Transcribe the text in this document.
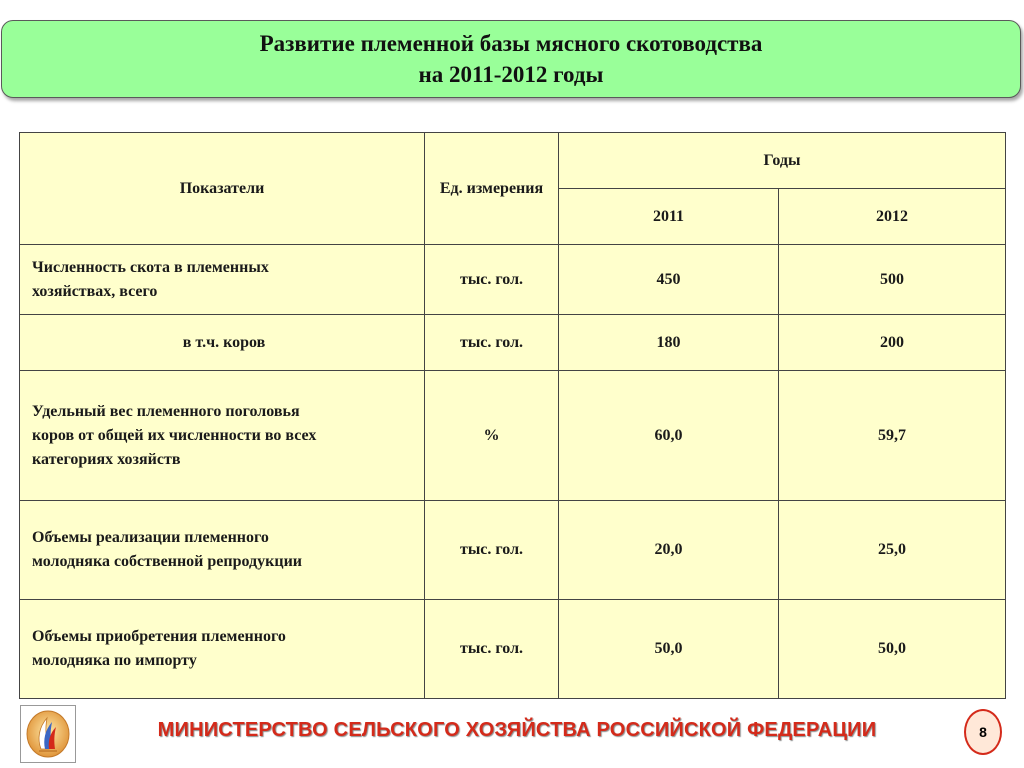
Развитие племенной базы мясного скотоводства
на 2011-2012 годы
Показатели	Ед. измерения	Годы	
		2011	2012
Численность скота в племенных хозяйствах, всего	тыс. гол.	450	500
в т.ч. коров	тыс. гол.	180	200
Удельный вес племенного поголовья коров от общей их численности во всех категориях хозяйств	%	60,0	59,7
Объемы реализации племенного молодняка собственной репродукции	тыс. гол.	20,0	25,0
Объемы приобретения племенного молодняка по импорту	тыс. гол.	50,0	50,0
МИНИСТЕРСТВО СЕЛЬСКОГО ХОЗЯЙСТВА РОССИЙСКОЙ ФЕДЕРАЦИИ	8
